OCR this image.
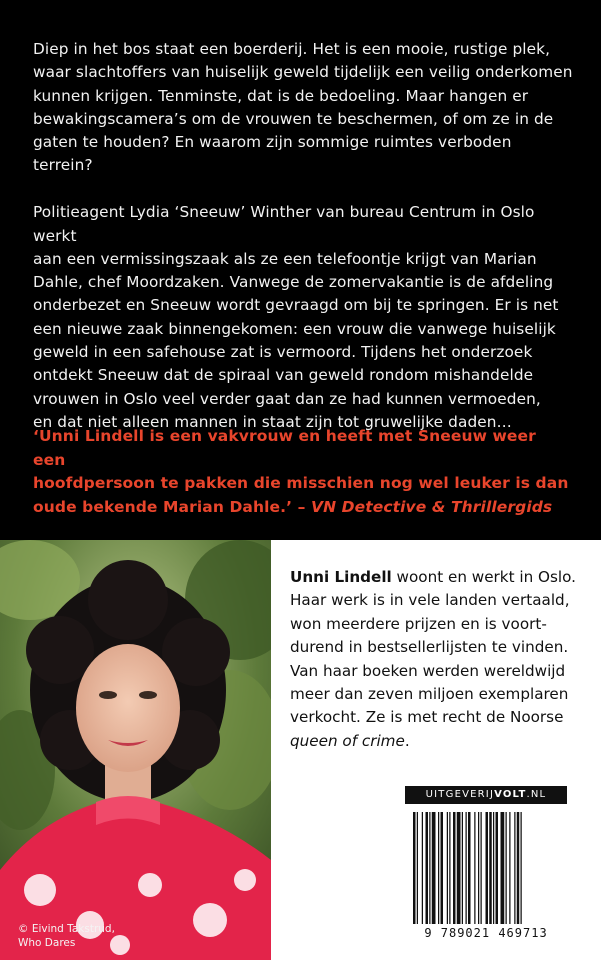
Diep in het bos staat een boerderij. Het is een mooie, rustige plek,
waar slachtoffers van huiselijk geweld tijdelijk een veilig onderkomen
kunnen krijgen. Tenminste, dat is de bedoeling. Maar hangen er
bewakingscamera’s om de vrouwen te beschermen, of om ze in de
gaten te houden? En waarom zijn sommige ruimtes verboden terrein?

Politieagent Lydia ‘Sneeuw’ Winther van bureau Centrum in Oslo werkt
aan een vermissingszaak als ze een telefoontje krijgt van Marian
Dahle, chef Moordzaken. Vanwege de zomervakantie is de afdeling
onderbezet en Sneeuw wordt gevraagd om bij te springen. Er is net
een nieuwe zaak binnengekomen: een vrouw die vanwege huiselijk
geweld in een safehouse zat is vermoord. Tijdens het onderzoek
ontdekt Sneeuw dat de spiraal van geweld rondom mishandelde
vrouwen in Oslo veel verder gaat dan ze had kunnen vermoeden,
en dat niet alleen mannen in staat zijn tot gruwelijke daden…

‘Unni Lindell is een vakvrouw en heeft met Sneeuw weer een
hoofdpersoon te pakken die misschien nog wel leuker is dan
oude bekende Marian Dahle.’ – VN Detective & Thrillergids
© Eivind Takstrud,
Who Dares
Unni Lindell woont en werkt in Oslo.
Haar werk is in vele landen vertaald,
won meerdere prijzen en is voort-
durend in bestsellerlijsten te vinden.
Van haar boeken werden wereldwijd
meer dan zeven miljoen exemplaren
verkocht. Ze is met recht de Noorse
queen of crime.
UITGEVERIJVOLT.NL
9 789021 469713
